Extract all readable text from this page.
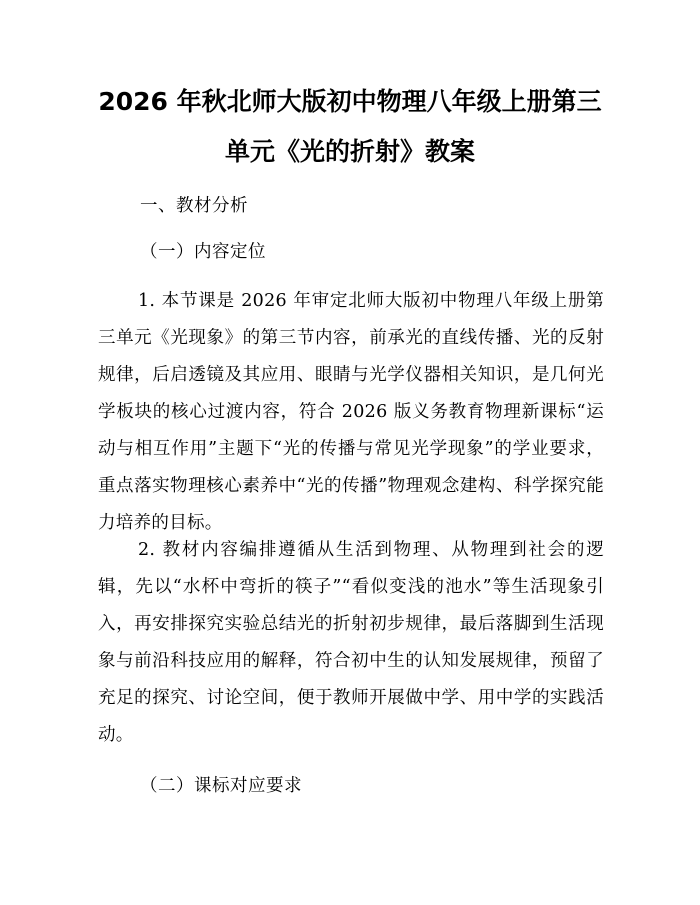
2026 年秋北师大版初中物理八年级上册第三
单元《光的折射》教案

一、教材分析

（一）内容定位

1. 本节课是 2026 年审定北师大版初中物理八年级上册第三单元《光现象》的第三节内容，前承光的直线传播、光的反射规律，后启透镜及其应用、眼睛与光学仪器相关知识，是几何光学板块的核心过渡内容，符合 2026 版义务教育物理新课标“运动与相互作用”主题下“光的传播与常见光学现象”的学业要求，重点落实物理核心素养中“光的传播”物理观念建构、科学探究能力培养的目标。

2. 教材内容编排遵循从生活到物理、从物理到社会的逻辑，先以“水杯中弯折的筷子”“看似变浅的池水”等生活现象引入，再安排探究实验总结光的折射初步规律，最后落脚到生活现象与前沿科技应用的解释，符合初中生的认知发展规律，预留了充足的探究、讨论空间，便于教师开展做中学、用中学的实践活动。

（二）课标对应要求
